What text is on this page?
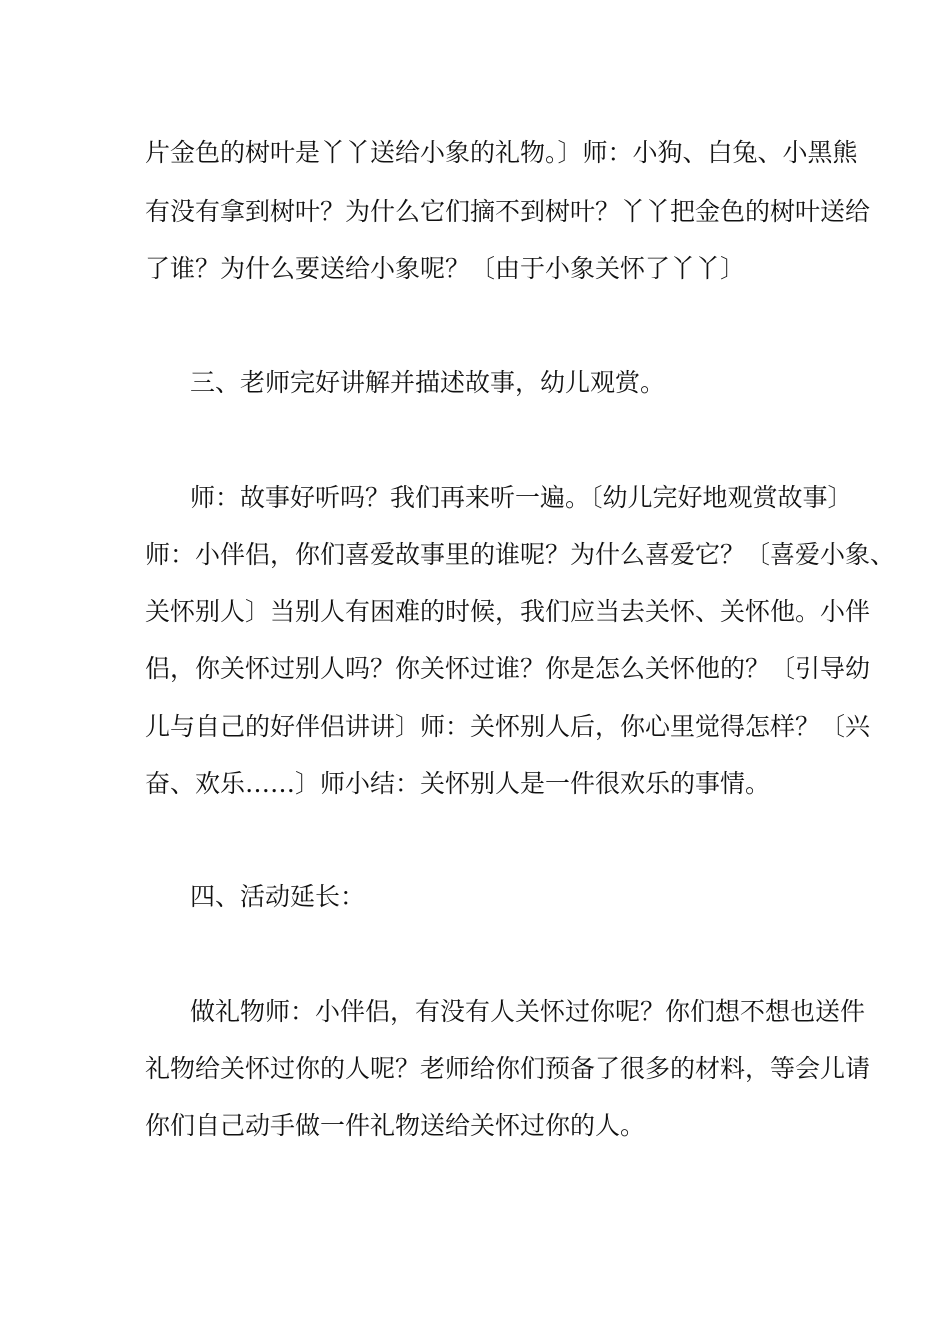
片金色的树叶是丫丫送给小象的礼物。〕师：小狗、白兔、小黑熊
有没有拿到树叶？为什么它们摘不到树叶？丫丫把金色的树叶送给
了谁？为什么要送给小象呢？〔由于小象关怀了丫丫〕
三、老师完好讲解并描述故事，幼儿观赏。
师：故事好听吗？我们再来听一遍。〔幼儿完好地观赏故事〕
师：小伴侣，你们喜爱故事里的谁呢？为什么喜爱它？〔喜爱小象、
关怀别人〕当别人有困难的时候，我们应当去关怀、关怀他。小伴
侣，你关怀过别人吗？你关怀过谁？你是怎么关怀他的？〔引导幼
儿与自己的好伴侣讲讲〕师：关怀别人后，你心里觉得怎样？〔兴
奋、欢乐……〕师小结：关怀别人是一件很欢乐的事情。
四、活动延长：
做礼物师：小伴侣，有没有人关怀过你呢？你们想不想也送件
礼物给关怀过你的人呢？老师给你们预备了很多的材料，等会儿请
你们自己动手做一件礼物送给关怀过你的人。
